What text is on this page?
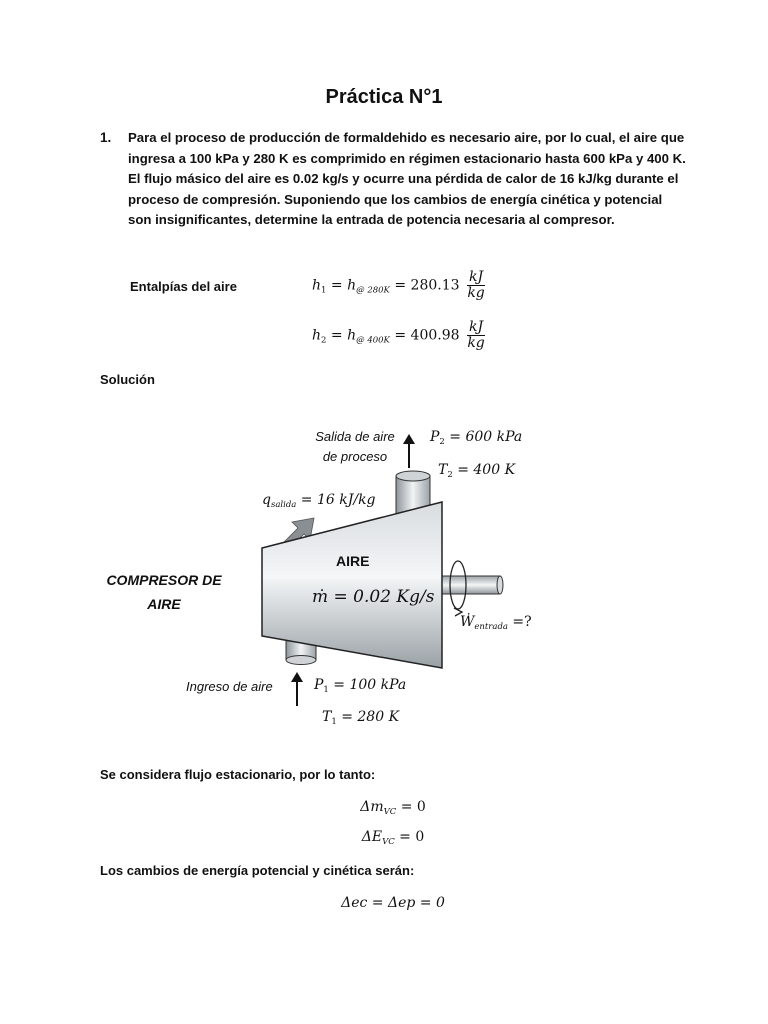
Práctica N°1
1. Para el proceso de producción de formaldehido es necesario aire, por lo cual, el aire que ingresa a 100 kPa y 280 K es comprimido en régimen estacionario hasta 600 kPa y 400 K. El flujo másico del aire es 0.02 kg/s y ocurre una pérdida de calor de 16 kJ/kg durante el proceso de compresión. Suponiendo que los cambios de energía cinética y potencial son insignificantes, determine la entrada de potencia necesaria al compresor.
Entalpías del aire	$h_1 = h_{@ 280K} = 280.13 \frac{kJ}{kg}$
$h_2 = h_{@ 400K} = 400.98 \frac{kJ}{kg}$
Solución
Salida de aire
de proceso
$P_2 = 600$ kPa
$T_2 = 400$ K
$q_{salida} = 16$ kJ/kg
COMPRESOR DE
AIRE
AIRE
ṁ = 0.02 Kg/s
Ẇ$_{entrada}$ =?
Ingreso de aire	$P_1 = 100$ kPa
$T_1 = 280$ K
Se considera flujo estacionario, por lo tanto:
$\Delta m_{VC} = 0$
$\Delta E_{VC} = 0$
Los cambios de energía potencial y cinética serán:
Δec = Δep = 0
